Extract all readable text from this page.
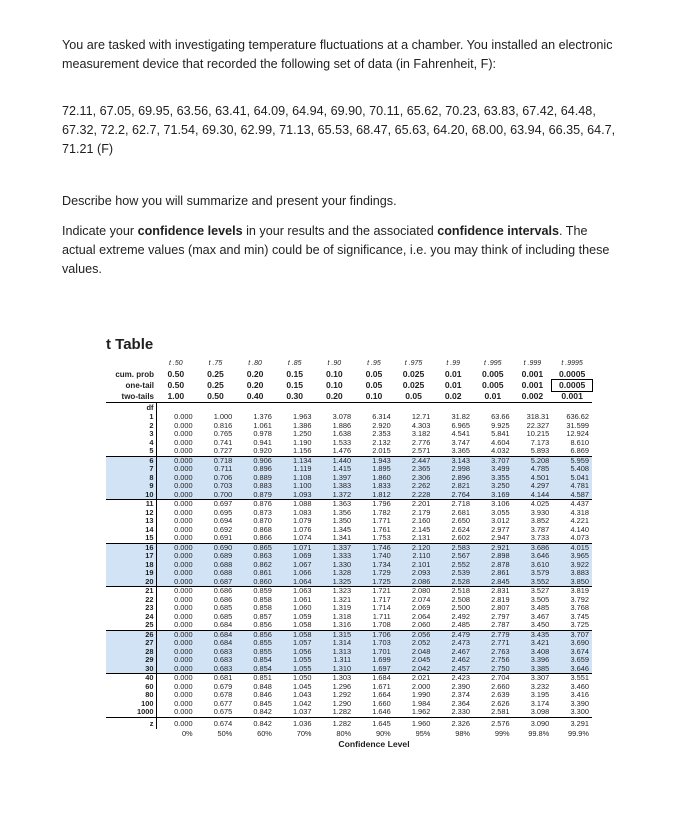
You are tasked with investigating temperature fluctuations at a chamber. You installed an electronic measurement device that recorded the following set of data (in Fahrenheit, F):

72.11, 67.05, 69.95, 63.56, 63.41, 64.09, 64.94, 69.90, 70.11, 65.62, 70.23, 63.83, 67.42, 64.48, 67.32, 72.2, 62.7, 71.54, 69.30, 62.99, 71.13, 65.53, 68.47, 65.63, 64.20, 68.00, 63.94, 66.35, 64.7, 71.21 (F)

Describe how you will summarize and present your findings.

Indicate your confidence levels in your results and the associated confidence intervals. The actual extreme values (max and min) could be of significance, i.e. you may think of including these values.

t Table
	t .50	t .75	t .80	t .85	t .90	t .95	t .975	t .99	t .995	t .999	t .9995
cum. prob	0.50	0.25	0.20	0.15	0.10	0.05	0.025	0.01	0.005	0.001	0.0005
one-tail	0.50	0.25	0.20	0.15	0.10	0.05	0.025	0.01	0.005	0.001	0.0005
two-tails	1.00	0.50	0.40	0.30	0.20	0.10	0.05	0.02	0.01	0.002	0.001
df											
1	0.000	1.000	1.376	1.963	3.078	6.314	12.71	31.82	63.66	318.31	636.62
2	0.000	0.816	1.061	1.386	1.886	2.920	4.303	6.965	9.925	22.327	31.599
3	0.000	0.765	0.978	1.250	1.638	2.353	3.182	4.541	5.841	10.215	12.924
4	0.000	0.741	0.941	1.190	1.533	2.132	2.776	3.747	4.604	7.173	8.610
5	0.000	0.727	0.920	1.156	1.476	2.015	2.571	3.365	4.032	5.893	6.869
6	0.000	0.718	0.906	1.134	1.440	1.943	2.447	3.143	3.707	5.208	5.959
7	0.000	0.711	0.896	1.119	1.415	1.895	2.365	2.998	3.499	4.785	5.408
8	0.000	0.706	0.889	1.108	1.397	1.860	2.306	2.896	3.355	4.501	5.041
9	0.000	0.703	0.883	1.100	1.383	1.833	2.262	2.821	3.250	4.297	4.781
10	0.000	0.700	0.879	1.093	1.372	1.812	2.228	2.764	3.169	4.144	4.587
11	0.000	0.697	0.876	1.088	1.363	1.796	2.201	2.718	3.106	4.025	4.437
12	0.000	0.695	0.873	1.083	1.356	1.782	2.179	2.681	3.055	3.930	4.318
13	0.000	0.694	0.870	1.079	1.350	1.771	2.160	2.650	3.012	3.852	4.221
14	0.000	0.692	0.868	1.076	1.345	1.761	2.145	2.624	2.977	3.787	4.140
15	0.000	0.691	0.866	1.074	1.341	1.753	2.131	2.602	2.947	3.733	4.073
16	0.000	0.690	0.865	1.071	1.337	1.746	2.120	2.583	2.921	3.686	4.015
17	0.000	0.689	0.863	1.069	1.333	1.740	2.110	2.567	2.898	3.646	3.965
18	0.000	0.688	0.862	1.067	1.330	1.734	2.101	2.552	2.878	3.610	3.922
19	0.000	0.688	0.861	1.066	1.328	1.729	2.093	2.539	2.861	3.579	3.883
20	0.000	0.687	0.860	1.064	1.325	1.725	2.086	2.528	2.845	3.552	3.850
21	0.000	0.686	0.859	1.063	1.323	1.721	2.080	2.518	2.831	3.527	3.819
22	0.000	0.686	0.858	1.061	1.321	1.717	2.074	2.508	2.819	3.505	3.792
23	0.000	0.685	0.858	1.060	1.319	1.714	2.069	2.500	2.807	3.485	3.768
24	0.000	0.685	0.857	1.059	1.318	1.711	2.064	2.492	2.797	3.467	3.745
25	0.000	0.684	0.856	1.058	1.316	1.708	2.060	2.485	2.787	3.450	3.725
26	0.000	0.684	0.856	1.058	1.315	1.706	2.056	2.479	2.779	3.435	3.707
27	0.000	0.684	0.855	1.057	1.314	1.703	2.052	2.473	2.771	3.421	3.690
28	0.000	0.683	0.855	1.056	1.313	1.701	2.048	2.467	2.763	3.408	3.674
29	0.000	0.683	0.854	1.055	1.311	1.699	2.045	2.462	2.756	3.396	3.659
30	0.000	0.683	0.854	1.055	1.310	1.697	2.042	2.457	2.750	3.385	3.646
40	0.000	0.681	0.851	1.050	1.303	1.684	2.021	2.423	2.704	3.307	3.551
60	0.000	0.679	0.848	1.045	1.296	1.671	2.000	2.390	2.660	3.232	3.460
80	0.000	0.678	0.846	1.043	1.292	1.664	1.990	2.374	2.639	3.195	3.416
100	0.000	0.677	0.845	1.042	1.290	1.660	1.984	2.364	2.626	3.174	3.390
1000	0.000	0.675	0.842	1.037	1.282	1.646	1.962	2.330	2.581	3.098	3.300
z	0.000	0.674	0.842	1.036	1.282	1.645	1.960	2.326	2.576	3.090	3.291
	0%	50%	60%	70%	80%	90%	95%	98%	99%	99.8%	99.9%
	Confidence Level										
